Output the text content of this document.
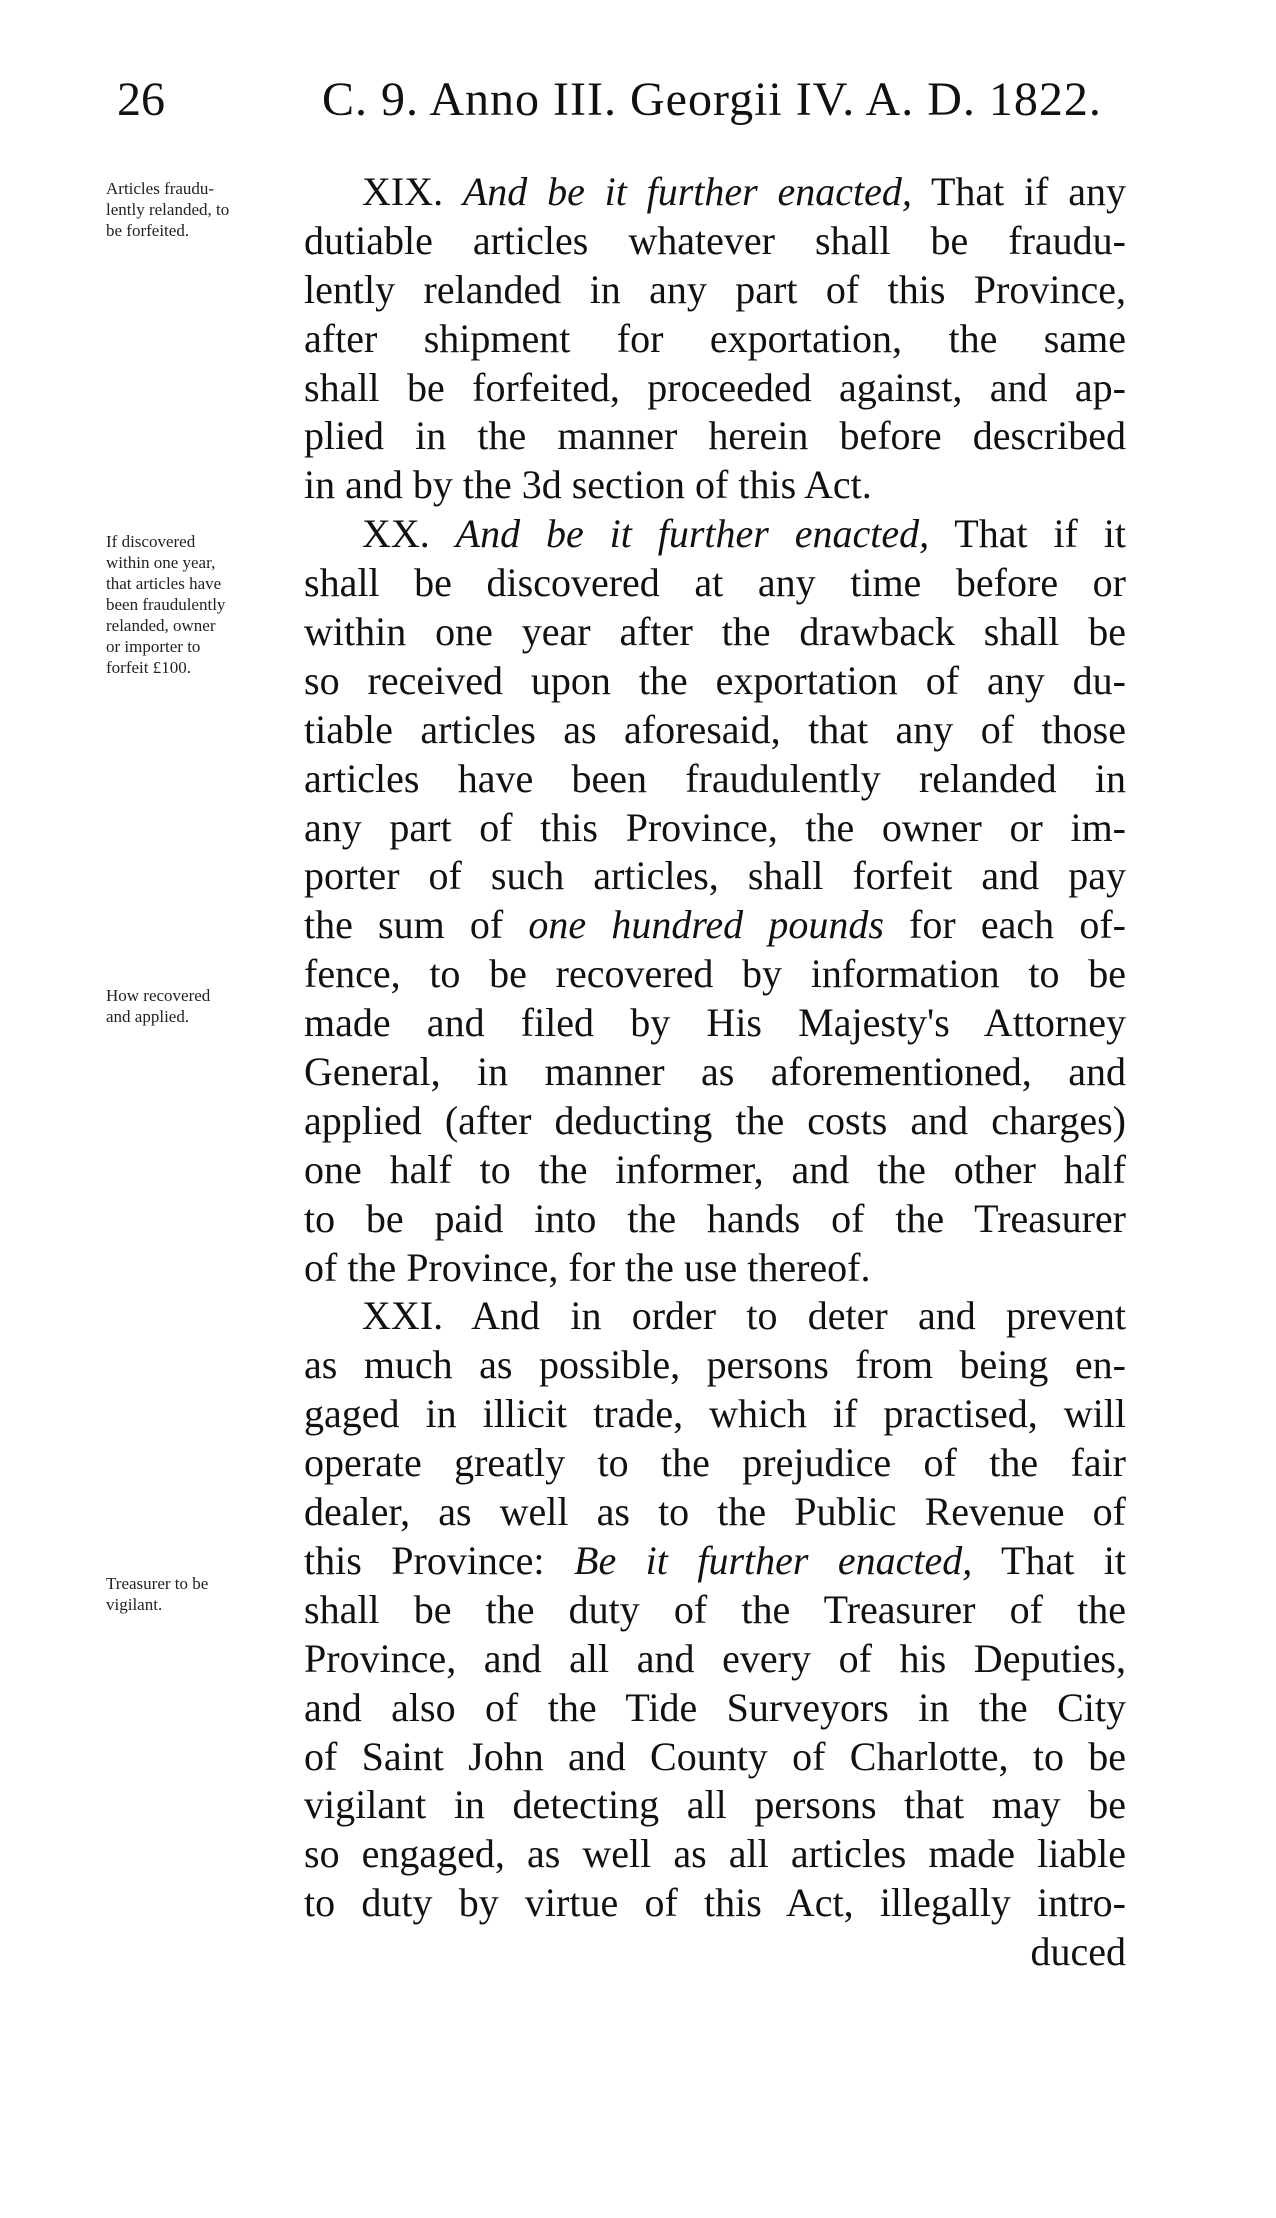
26	C. 9. Anno III. Georgii IV. A. D. 1822.
Articles fraudu-
lently relanded, to
be forfeited.
If discovered
within one year,
that articles have
been fraudulently
relanded, owner
or importer to
forfeit £100.
How recovered
and applied.
Treasurer to be
vigilant.
XIX. And be it further enacted, That if any
dutiable articles whatever shall be fraudu-
lently relanded in any part of this Province,
after shipment for exportation, the same
shall be forfeited, proceeded against, and ap-
plied in the manner herein before described
in and by the 3d section of this Act.
XX. And be it further enacted, That if it
shall be discovered at any time before or
within one year after the drawback shall be
so received upon the exportation of any du-
tiable articles as aforesaid, that any of those
articles have been fraudulently relanded in
any part of this Province, the owner or im-
porter of such articles, shall forfeit and pay
the sum of one hundred pounds for each of-
fence, to be recovered by information to be
made and filed by His Majesty's Attorney
General, in manner as aforementioned, and
applied (after deducting the costs and charges)
one half to the informer, and the other half
to be paid into the hands of the Treasurer
of the Province, for the use thereof.
XXI. And in order to deter and prevent
as much as possible, persons from being en-
gaged in illicit trade, which if practised, will
operate greatly to the prejudice of the fair
dealer, as well as to the Public Revenue of
this Province: Be it further enacted, That it
shall be the duty of the Treasurer of the
Province, and all and every of his Deputies,
and also of the Tide Surveyors in the City
of Saint John and County of Charlotte, to be
vigilant in detecting all persons that may be
so engaged, as well as all articles made liable
to duty by virtue of this Act, illegally intro-
duced
